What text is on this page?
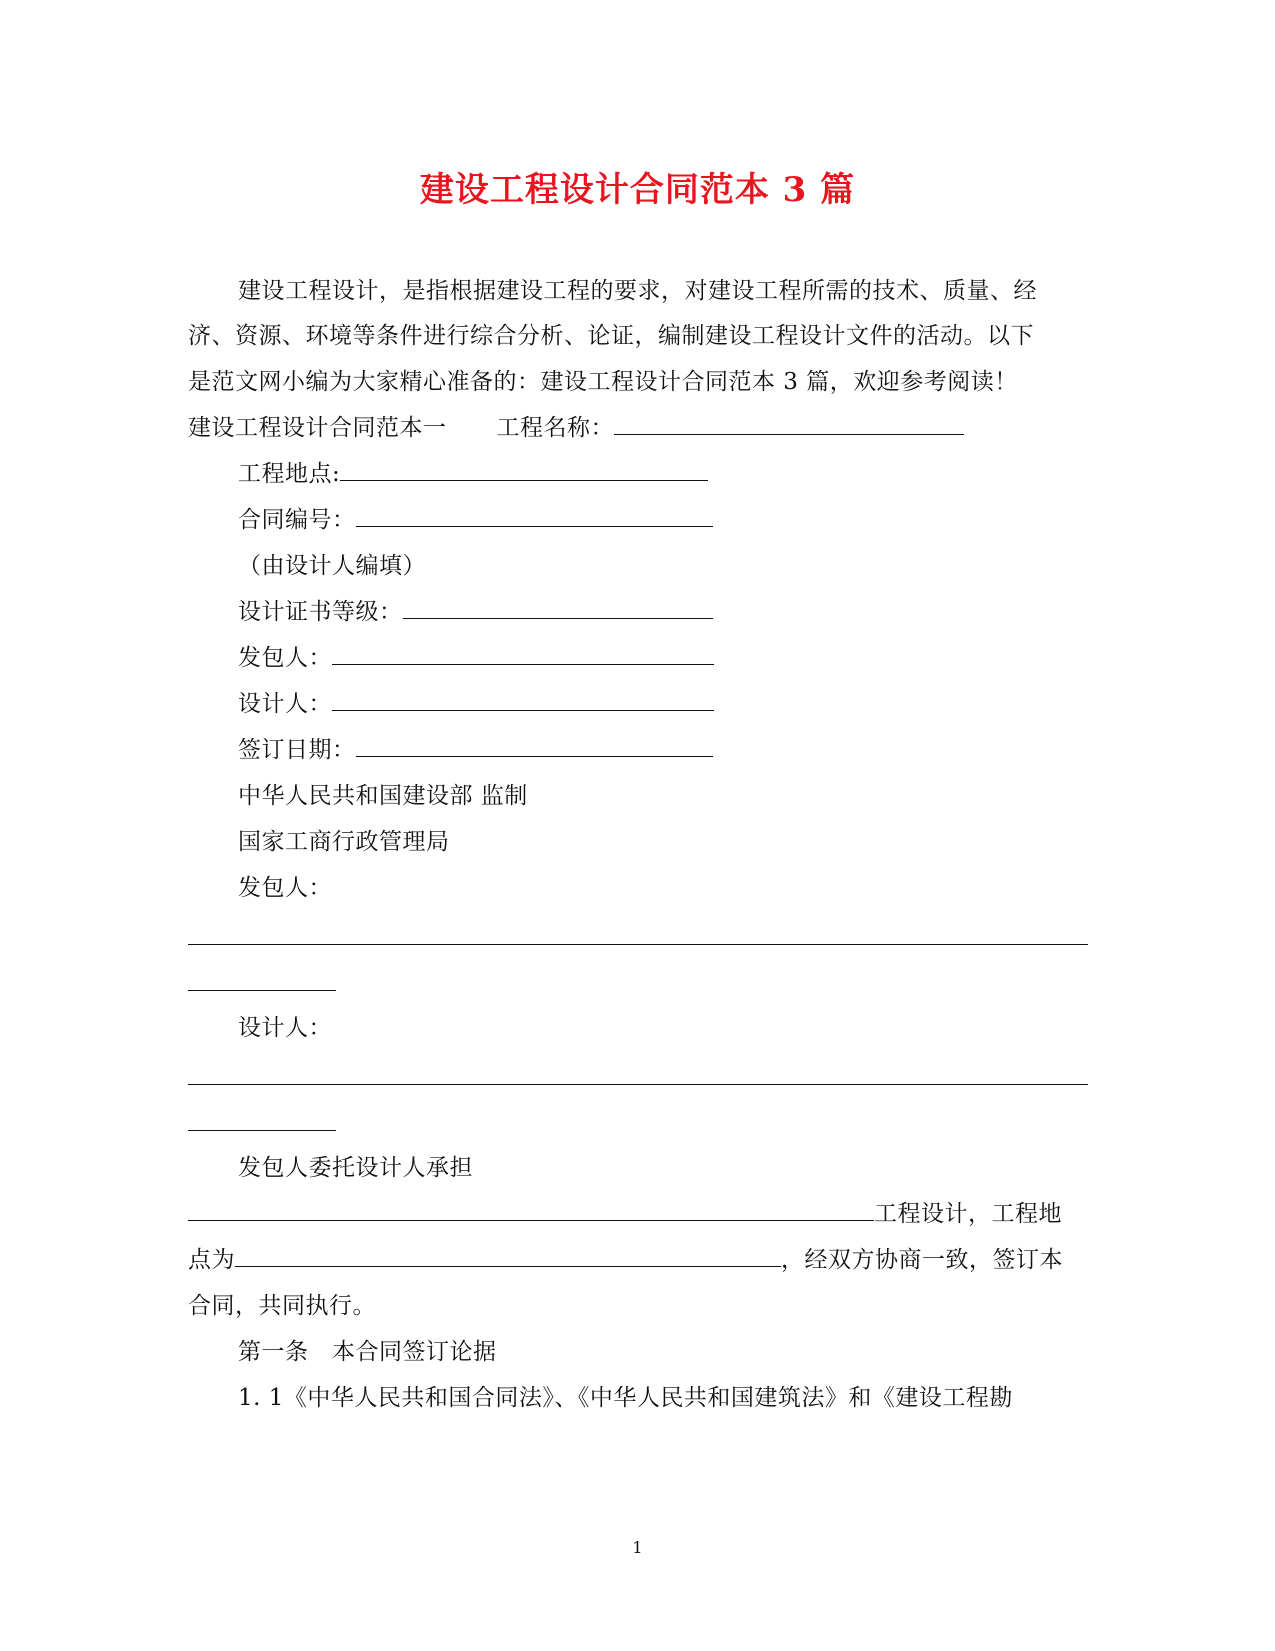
建设工程设计合同范本 3 篇
建设工程设计，是指根据建设工程的要求，对建设工程所需的技术、质量、经
济、资源、环境等条件进行综合分析、论证，编制建设工程设计文件的活动。以下
是范文网小编为大家精心准备的：建设工程设计合同范本 3 篇，欢迎参考阅读！
建设工程设计合同范本一 工程名称：
工程地点:
合同编号：
（由设计人编填）
设计证书等级：
发包人：
设计人：
签订日期：
中华人民共和国建设部 监制
国家工商行政管理局
发包人：
设计人：
发包人委托设计人承担
工程设计，工程地
点为	，经双方协商一致，签订本
合同，共同执行。
第一条　本合同签订论据
1. 1《中华人民共和国合同法》、《中华人民共和国建筑法》和《建设工程勘
1
